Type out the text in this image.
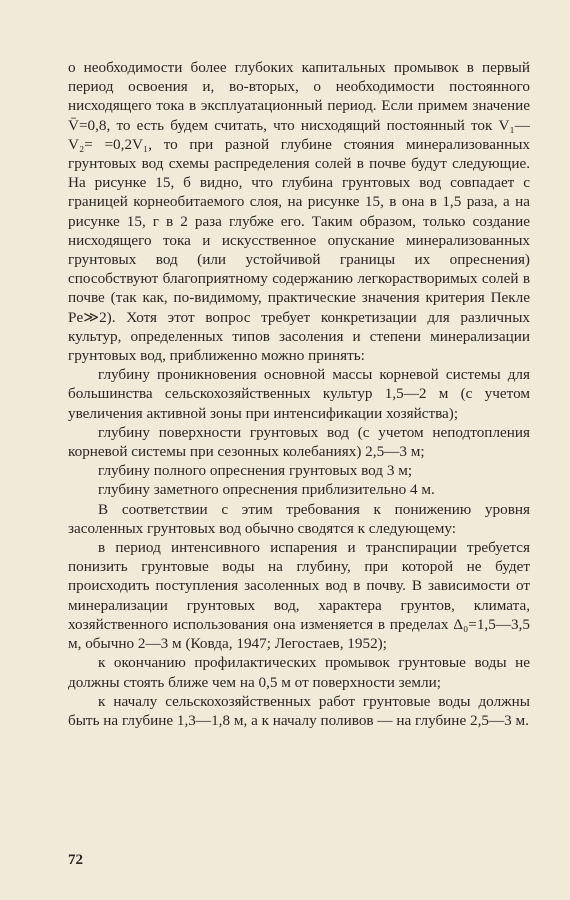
о необходимости более глубоких капитальных промывок в первый период освоения и, во-вторых, о необходимости постоянного нисходящего тока в эксплуатационный период. Если примем значение V̄=0,8, то есть будем считать, что нисходящий постоянный ток V₁—V₂= =0,2V₁, то при разной глубине стояния минерализованных грунтовых вод схемы распределения солей в почве будут следующие. На рисунке 15, б видно, что глубина грунтовых вод совпадает с границей корнеобитаемого слоя, на рисунке 15, в она в 1,5 раза, а на рисунке 15, г в 2 раза глубже его. Таким образом, только создание нисходящего тока и искусственное опускание минерализованных грунтовых вод (или устойчивой границы их опреснения) способствуют благоприятному содержанию легкорастворимых солей в почве (так как, по-видимому, практические значения критерия Пекле Pe≫2). Хотя этот вопрос требует конкретизации для различных культур, определенных типов засоления и степени минерализации грунтовых вод, приближенно можно принять:

глубину проникновения основной массы корневой системы для большинства сельскохозяйственных культур 1,5—2 м (с учетом увеличения активной зоны при интенсификации хозяйства);

глубину поверхности грунтовых вод (с учетом неподтопления корневой системы при сезонных колебаниях) 2,5—3 м;

глубину полного опреснения грунтовых вод 3 м;

глубину заметного опреснения приблизительно 4 м.

В соответствии с этим требования к понижению уровня засоленных грунтовых вод обычно сводятся к следующему:

в период интенсивного испарения и транспирации требуется понизить грунтовые воды на глубину, при которой не будет происходить поступления засоленных вод в почву. В зависимости от минерализации грунтовых вод, характера грунтов, климата, хозяйственного использования она изменяется в пределах Δ₀=1,5—3,5 м, обычно 2—3 м (Ковда, 1947; Легостаев, 1952);

к окончанию профилактических промывок грунтовые воды не должны стоять ближе чем на 0,5 м от поверхности земли;

к началу сельскохозяйственных работ грунтовые воды должны быть на глубине 1,3—1,8 м, а к началу поливов — на глубине 2,5—3 м.

72
